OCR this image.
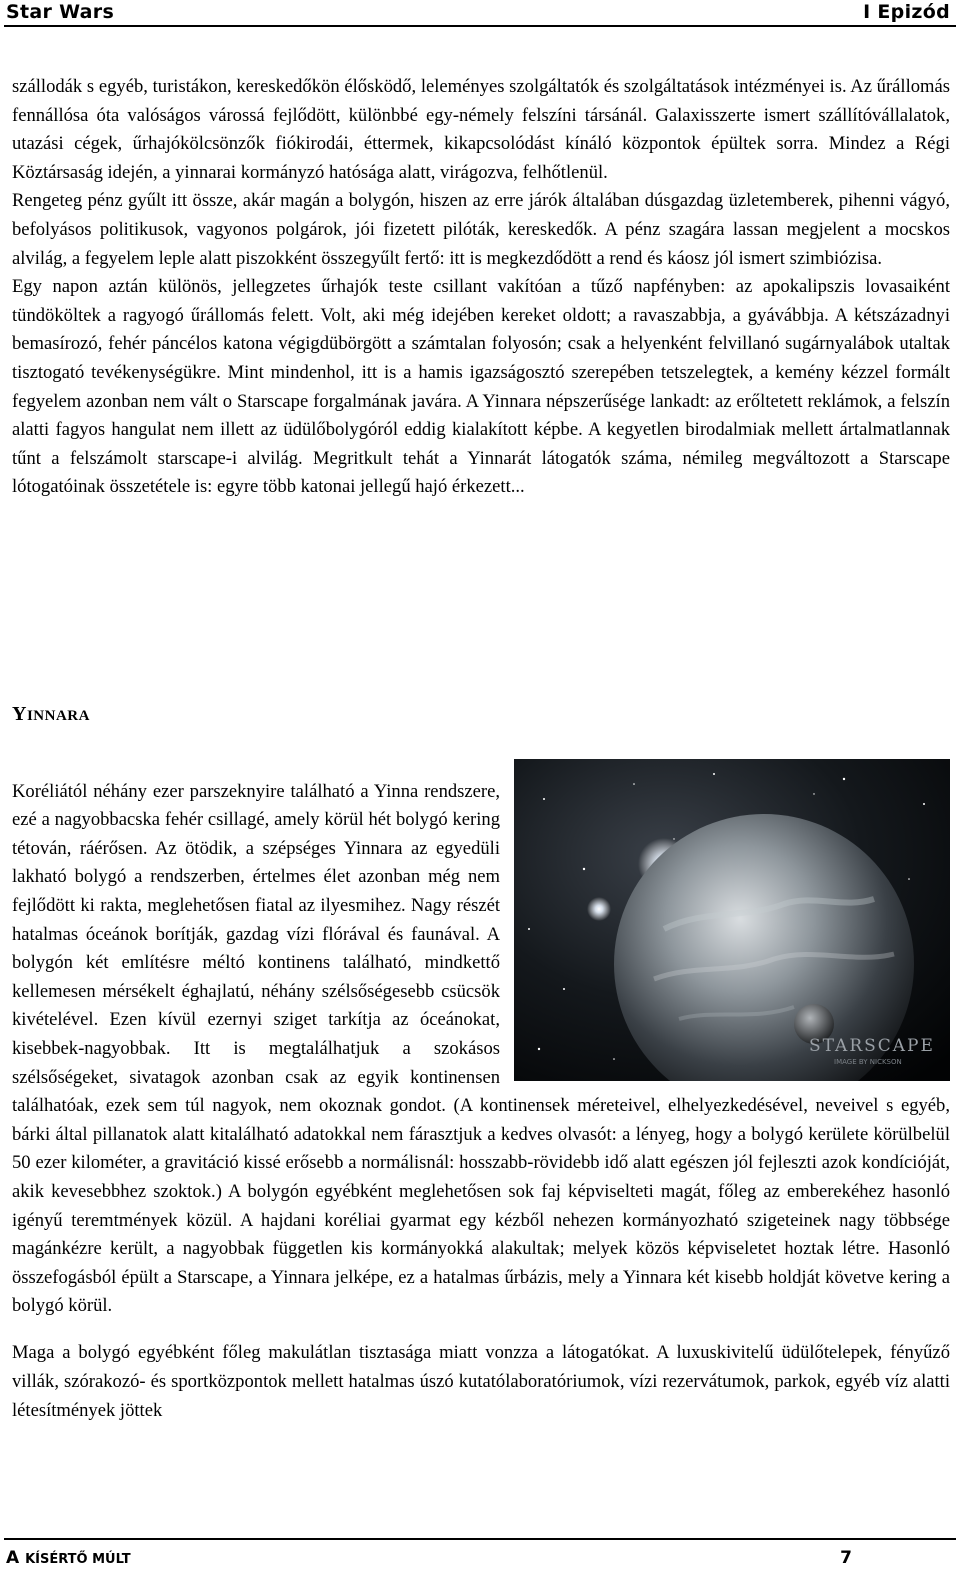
Star Wars	I Epizód

szállodák s egyéb, turistákon, kereskedőkön élősködő, leleményes szolgáltatók és szolgáltatások intézményei is. Az űrállomás fennállósa óta valóságos várossá fejlődött, különbbé egy-némely felszíni társánál. Galaxisszerte ismert szállítóvállalatok, utazási cégek, űrhajókölcsönzők fiókirodái, éttermek, kikapcsolódást kínáló központok épültek sorra. Mindez a Régi Köztársaság idején, a yinnarai kormányzó hatósága alatt, virágozva, felhőtlenül.

Rengeteg pénz gyűlt itt össze, akár magán a bolygón, hiszen az erre járók általában dúsgazdag üzletemberek, pihenni vágyó, befolyásos politikusok, vagyonos polgárok, jói fizetett pilóták, kereskedők. A pénz szagára lassan megjelent a mocskos alvilág, a fegyelem leple alatt piszokként összegyűlt fertő: itt is megkezdődött a rend és káosz jól ismert szimbiózisa.

Egy napon aztán különös, jellegzetes űrhajók teste csillant vakítóan a tűző napfényben: az apokalipszis lovasaiként tündököltek a ragyogó űrállomás felett. Volt, aki még idejében kereket oldott; a ravaszabbja, a gyávábbja. A kétszázadnyi bemasírozó, fehér páncélos katona végigdübörgött a számtalan folyosón; csak a helyenként felvillanó sugárnyalábok utaltak tisztogató tevékenységükre. Mint mindenhol, itt is a hamis igazságosztó szerepében tetszelegtek, a kemény kézzel formált fegyelem azonban nem vált o Starscape forgalmának javára. A Yinnara népszerűsége lankadt: az erőltetett reklámok, a felszín alatti fagyos hangulat nem illett az üdülőbolygóról eddig kialakított képbe. A kegyetlen birodalmiak mellett ártalmatlannak tűnt a felszámolt starscape-i alvilág. Megritkult tehát a Yinnarát látogatók száma, némileg megváltozott a Starscape lótogatóinak összetétele is: egyre több katonai jellegű hajó érkezett...

YINNARA
STARSCAPE
IMAGE BY NICKSON

Koréliától néhány ezer parszeknyire található a Yinna rendszere, ezé a nagyobbacska fehér csillagé, amely körül hét bolygó kering tétován, ráérősen. Az ötödik, a szépséges Yinnara az egyedüli lakható bolygó a rendszerben, értelmes élet azonban még nem fejlődött ki rakta, meglehetősen fiatal az ilyesmihez. Nagy részét hatalmas óceánok borítják, gazdag vízi flórával és faunával. A bolygón két említésre méltó kontinens található, mindkettő kellemesen mérsékelt éghajlatú, néhány szélsőségesebb csücsök kivételével. Ezen kívül ezernyi sziget tarkítja az óceánokat, kisebbek-nagyobbak. Itt is megtalálhatjuk a szokásos szélsőségeket, sivatagok azonban csak az egyik kontinensen találhatóak, ezek sem túl nagyok, nem okoznak gondot. (A kontinensek méreteivel, elhelyezkedésével, neveivel s egyéb, bárki által pillanatok alatt kitalálható adatokkal nem fárasztjuk a kedves olvasót: a lényeg, hogy a bolygó kerülete körülbelül 50 ezer kilométer, a gravitáció kissé erősebb a normálisnál: hosszabb-rövidebb idő alatt egészen jól fejleszti azok kondícióját, akik kevesebbhez szoktok.) A bolygón egyébként meglehetősen sok faj képviselteti magát, főleg az emberekéhez hasonló igényű teremtmények közül. A hajdani koréliai gyarmat egy kézből nehezen kormányozható szigeteinek nagy többsége magánkézre került, a nagyobbak független kis kormányokká alakultak; melyek közös képviseletet hoztak létre. Hasonló összefogásból épült a Starscape, a Yinnara jelképe, ez a hatalmas űrbázis, mely a Yinnara két kisebb holdját követve kering a bolygó körül.

Maga a bolygó egyébként főleg makulátlan tisztasága miatt vonzza a látogatókat. A luxuskivitelű üdülőtelepek, fényűző villák, szórakozó- és sportközpontok mellett hatalmas úszó kutatólaboratóriumok, vízi rezervátumok, parkok, egyéb víz alatti létesítmények jöttek

A KÍSÉRTŐ MÚLT	7
